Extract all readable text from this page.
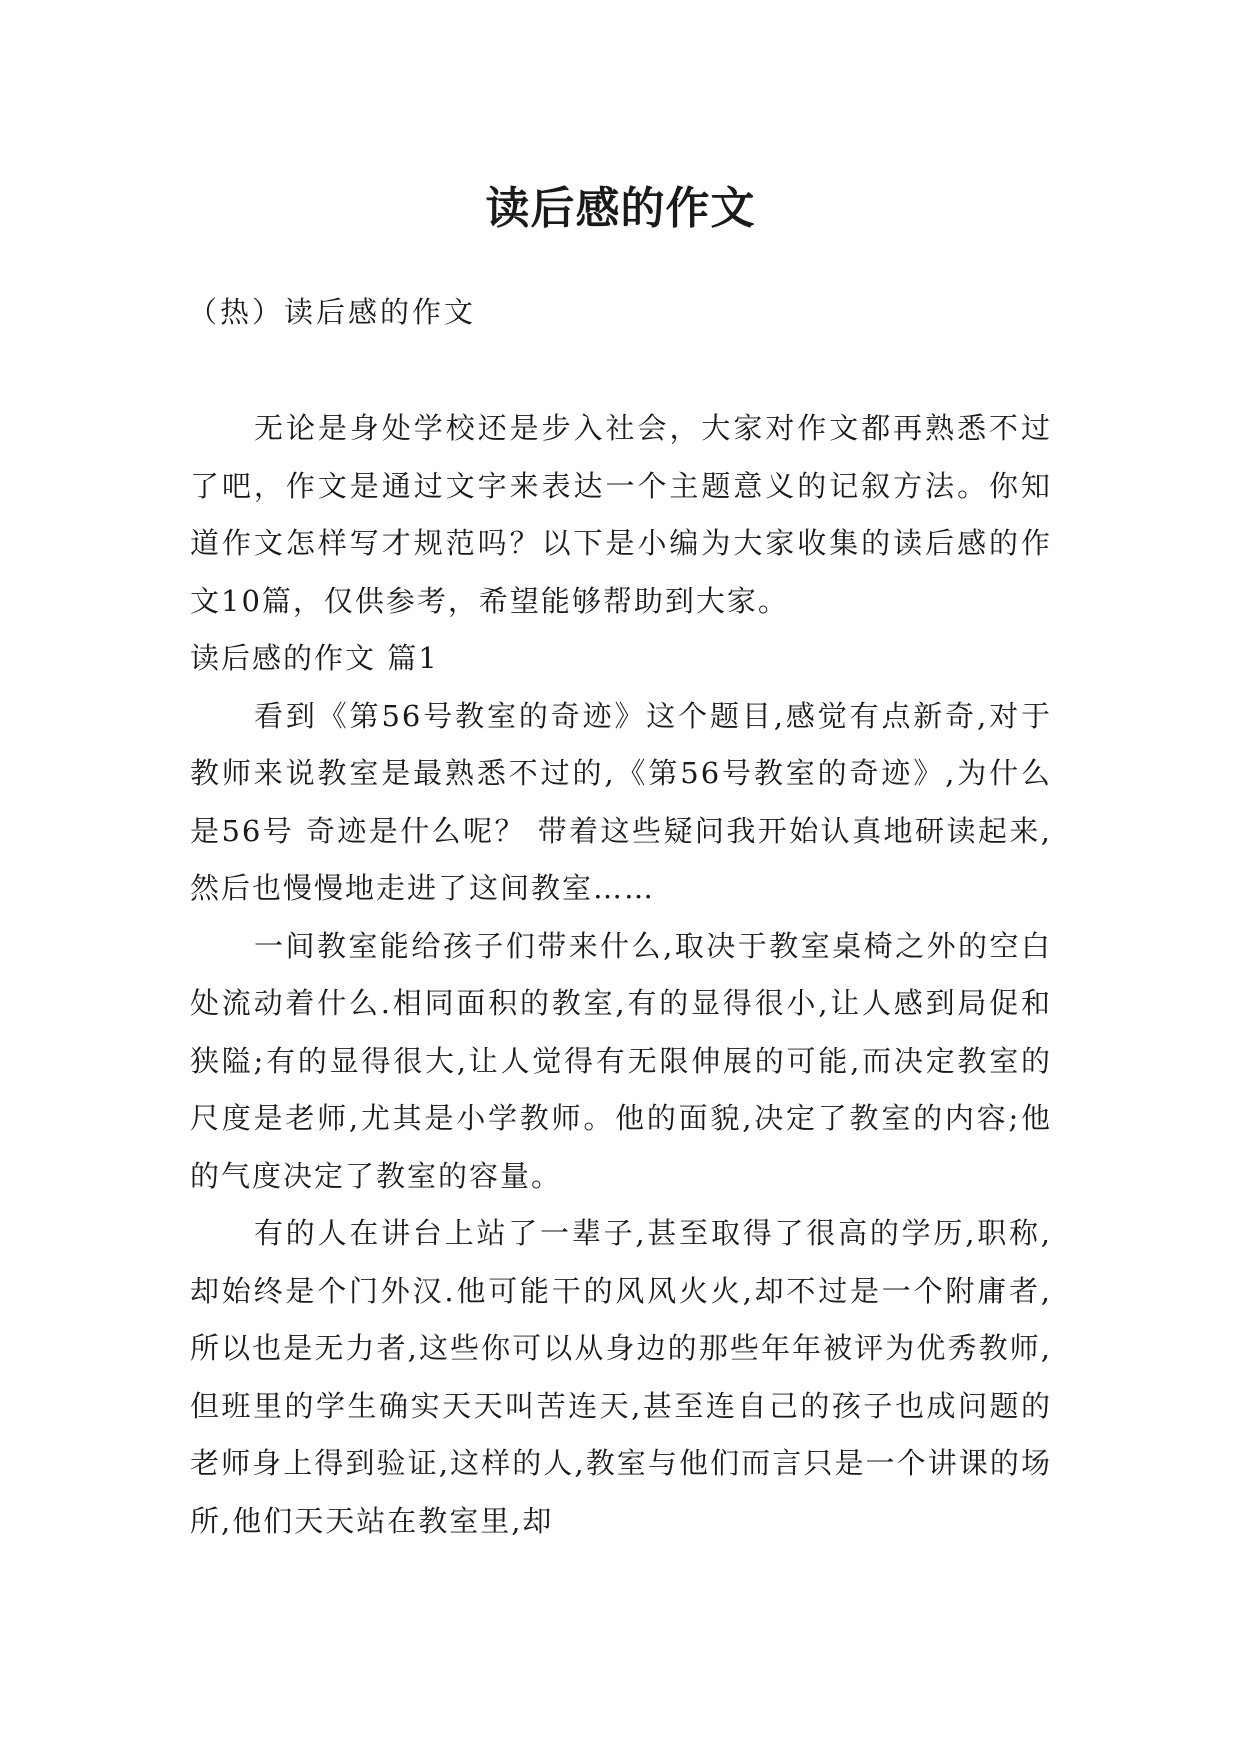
读后感的作文
（热）读后感的作文

无论是身处学校还是步入社会，大家对作文都再熟悉不过了吧，作文是通过文字来表达一个主题意义的记叙方法。你知道作文怎样写才规范吗？以下是小编为大家收集的读后感的作文10篇，仅供参考，希望能够帮助到大家。

读后感的作文 篇1

看到《第56号教室的奇迹》这个题目,感觉有点新奇,对于教师来说教室是最熟悉不过的,《第56号教室的奇迹》,为什么是56号 奇迹是什么呢？ 带着这些疑问我开始认真地研读起来,然后也慢慢地走进了这间教室……

一间教室能给孩子们带来什么,取决于教室桌椅之外的空白处流动着什么.相同面积的教室,有的显得很小,让人感到局促和狭隘;有的显得很大,让人觉得有无限伸展的可能,而决定教室的尺度是老师,尤其是小学教师。他的面貌,决定了教室的内容;他的气度决定了教室的容量。

有的人在讲台上站了一辈子,甚至取得了很高的学历,职称,却始终是个门外汉.他可能干的风风火火,却不过是一个附庸者,所以也是无力者,这些你可以从身边的那些年年被评为优秀教师,但班里的学生确实天天叫苦连天,甚至连自己的孩子也成问题的老师身上得到验证,这样的人,教室与他们而言只是一个讲课的场所,他们天天站在教室里,却
